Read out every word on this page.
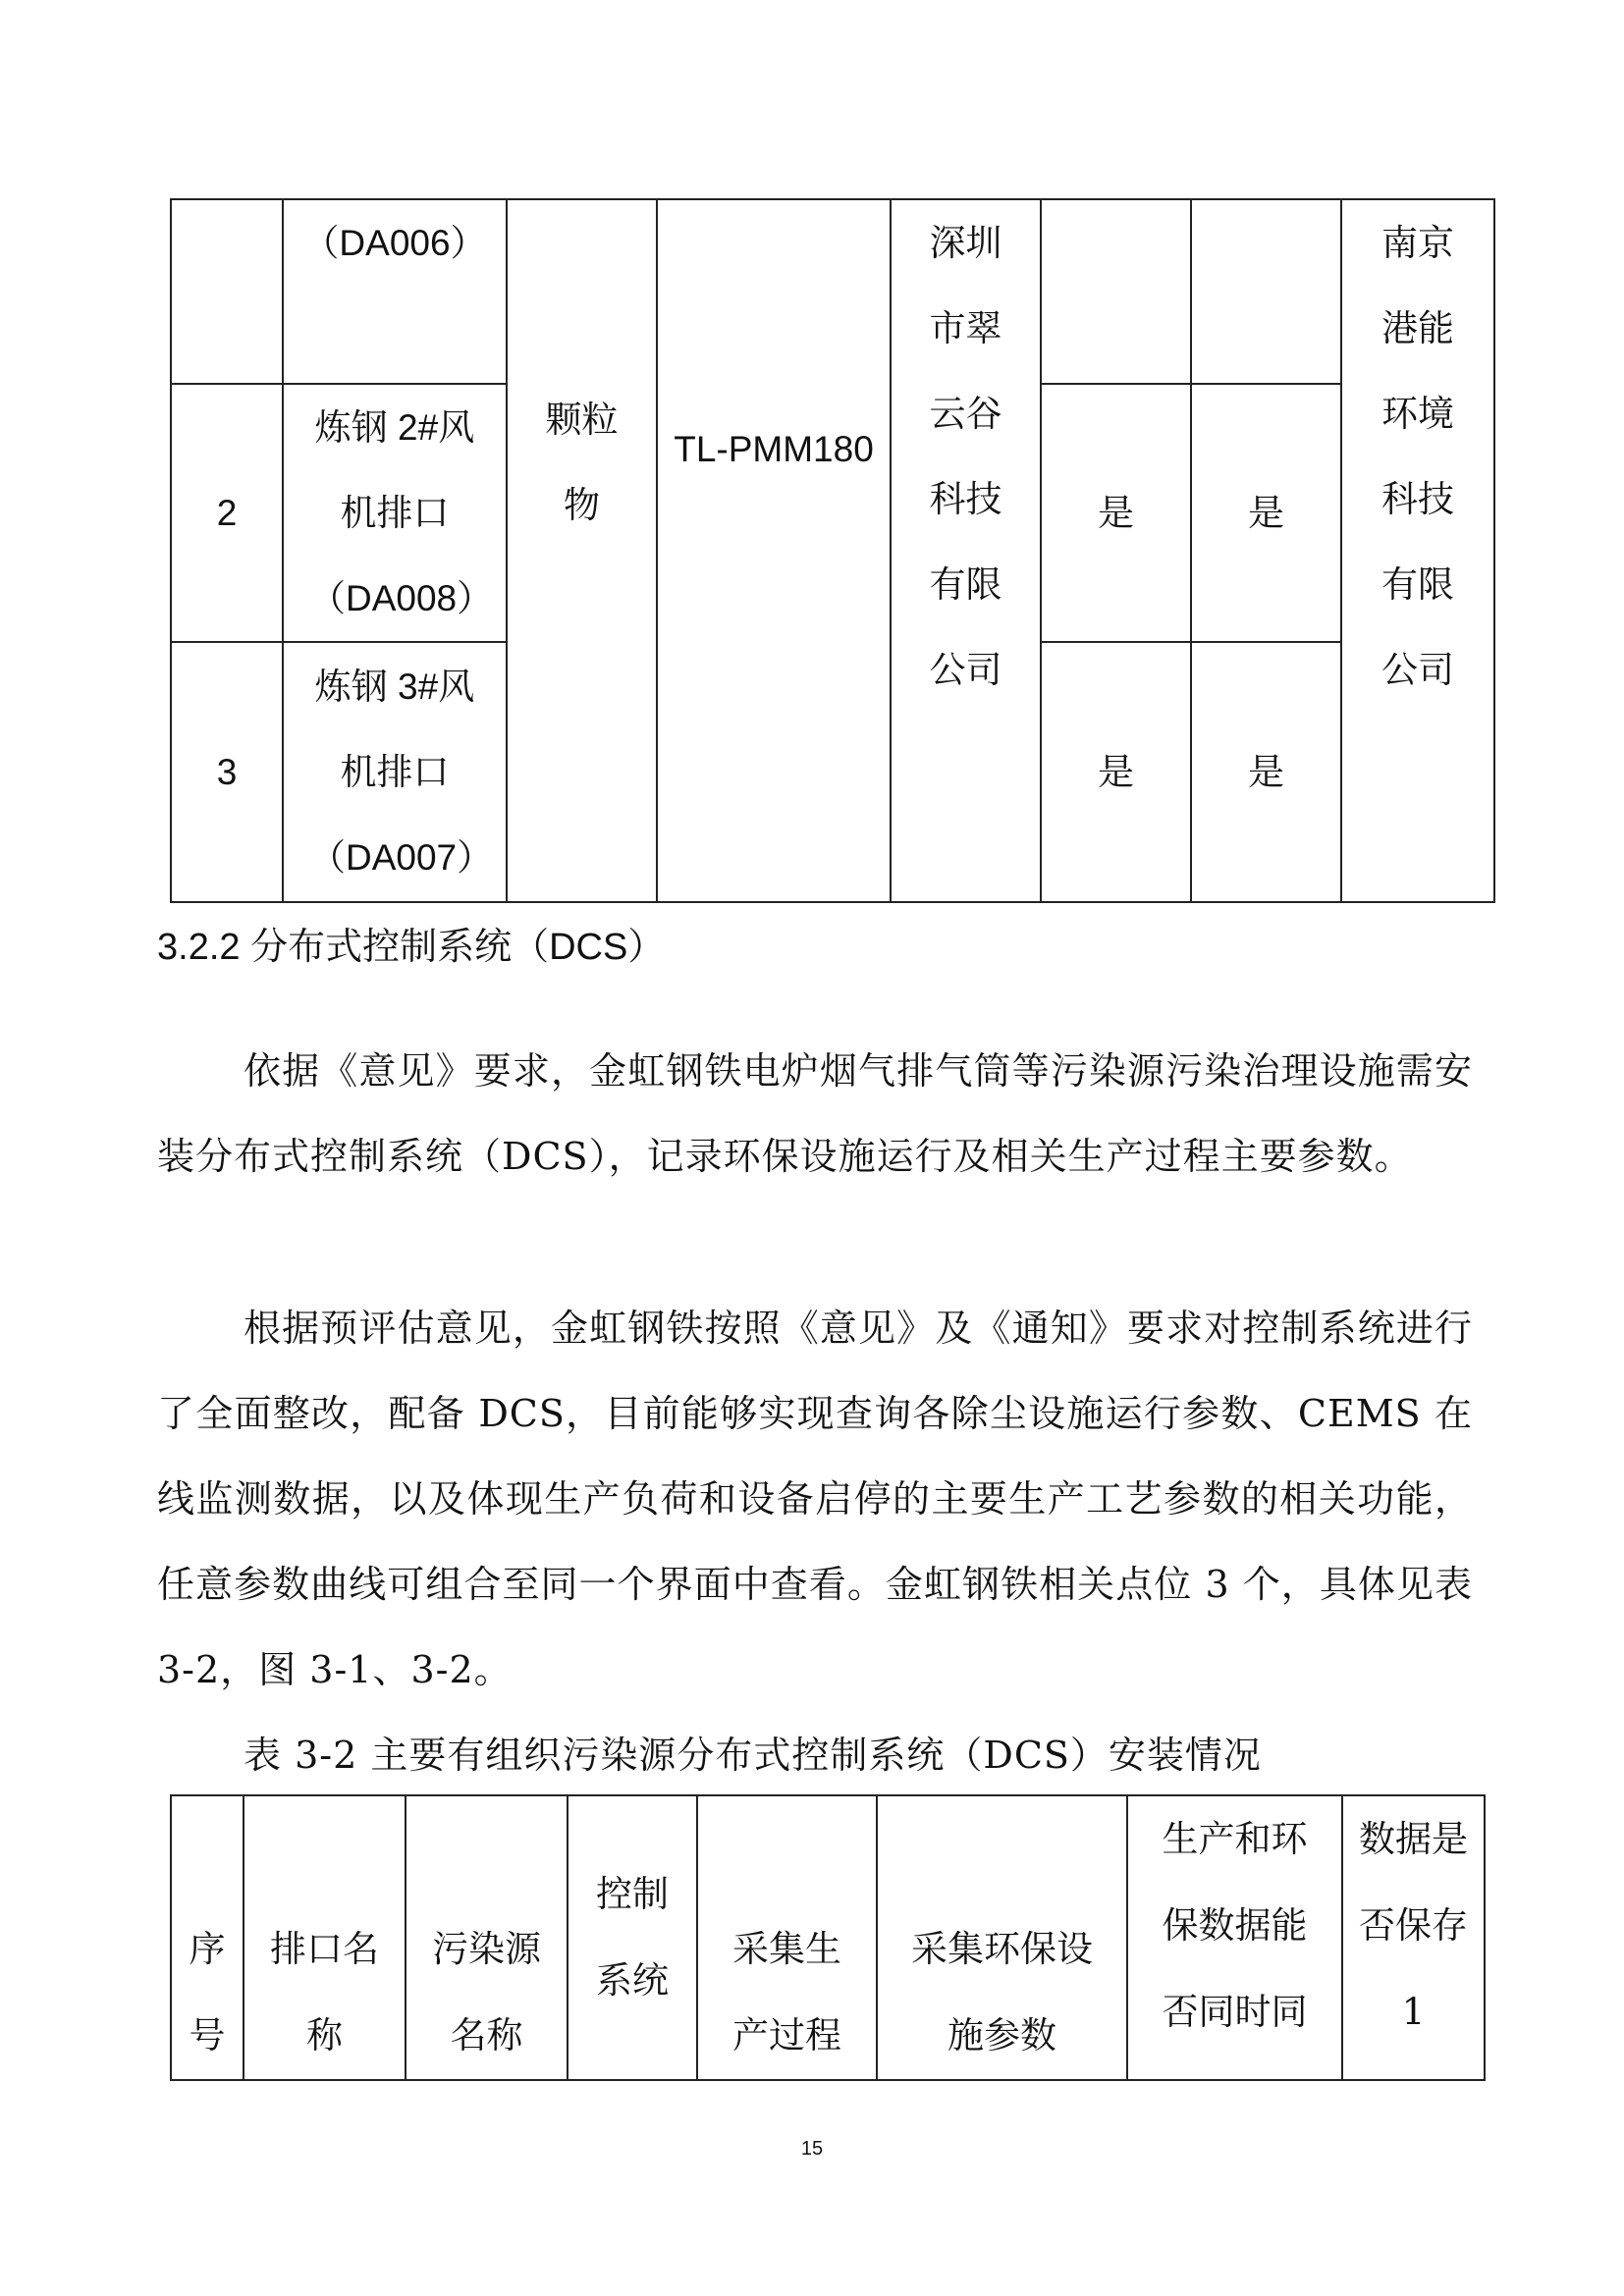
	（DA006）	颗粒物	TL-PMM180	深圳市翠云谷科技有限公司			南京港能环境科技有限公司
2	炼钢 2#风机排口（DA008）				是	是	
3	炼钢 3#风机排口（DA007）				是	是	
3.2.2 分布式控制系统（DCS）

依据《意见》要求，金虹钢铁电炉烟气排气筒等污染源污染治理设施需安装分布式控制系统（DCS），记录环保设施运行及相关生产过程主要参数。

根据预评估意见，金虹钢铁按照《意见》及《通知》要求对控制系统进行了全面整改，配备 DCS，目前能够实现查询各除尘设施运行参数、CEMS 在线监测数据，以及体现生产负荷和设备启停的主要生产工艺参数的相关功能，任意参数曲线可组合至同一个界面中查看。金虹钢铁相关点位 3 个，具体见表 3-2，图 3-1、3-2。

表 3-2 主要有组织污染源分布式控制系统（DCS）安装情况
序号	排口名称	污染源名称	控制系统	采集生产过程	采集环保设施参数	生产和环保数据能否同时同	数据是否保存1
15
